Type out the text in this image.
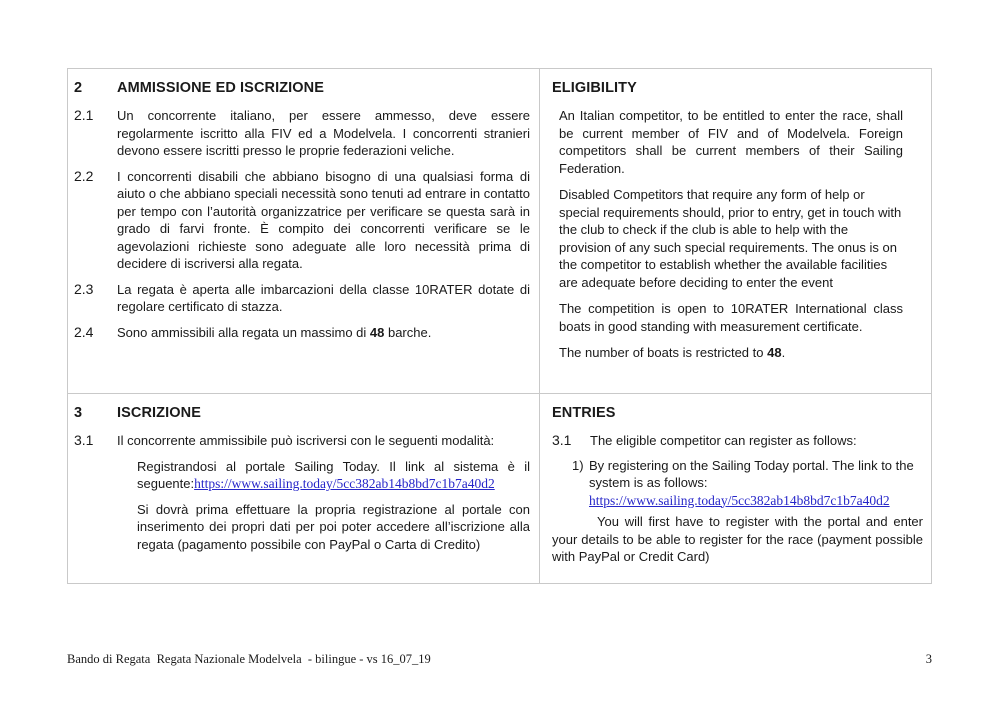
2	AMMISSIONE ED ISCRIZIONE
2.1	Un concorrente italiano, per essere ammesso, deve essere regolarmente iscritto alla FIV ed a Modelvela. I concorrenti stranieri devono essere iscritti presso le proprie federazioni veliche.
2.2	I concorrenti disabili che abbiano bisogno di una qualsiasi forma di aiuto o che abbiano speciali necessità sono tenuti ad entrare in contatto per tempo con l’autorità organizzatrice per verificare se questa sarà in grado di farvi fronte. È compito dei concorrenti verificare se le agevolazioni richieste sono adeguate alle loro necessità prima di decidere di iscriversi alla regata.
2.3	La regata è aperta alle imbarcazioni della classe 10RATER dotate di regolare certificato di stazza.
2.4	Sono ammissibili alla regata un massimo di 48 barche.
ELIGIBILITY

An Italian competitor, to be entitled to enter the race, shall be current member of FIV and of Modelvela. Foreign competitors shall be current members of their Sailing Federation.

Disabled Competitors that require any form of help or special requirements should, prior to entry, get in touch with the club to check if the club is able to help with the provision of any such special requirements. The onus is on the competitor to establish whether the available facilities are adequate before deciding to enter the event

The competition is open to 10RATER International class boats in good standing with measurement certificate.

The number of boats is restricted to 48.

3	ISCRIZIONE
3.1	Il concorrente ammissibile può iscriversi con le seguenti modalità:
Registrandosi al portale Sailing Today. Il link al sistema è il seguente:https://www.sailing.today/5cc382ab14b8bd7c1b7a40d2
Si dovrà prima effettuare la propria registrazione al portale con inserimento dei propri dati per poi poter accedere all’iscrizione alla regata (pagamento possibile con PayPal o Carta di Credito)
ENTRIES
3.1	The eligible competitor can register as follows:
1) By registering on the Sailing Today portal. The link to the system is as follows:
https://www.sailing.today/5cc382ab14b8bd7c1b7a40d2

You will first have to register with the portal and enter your details to be able to register for the race (payment possible with PayPal or Credit Card)

Bando di Regata  Regata Nazionale Modelvela  - bilingue - vs 16_07_19	3
